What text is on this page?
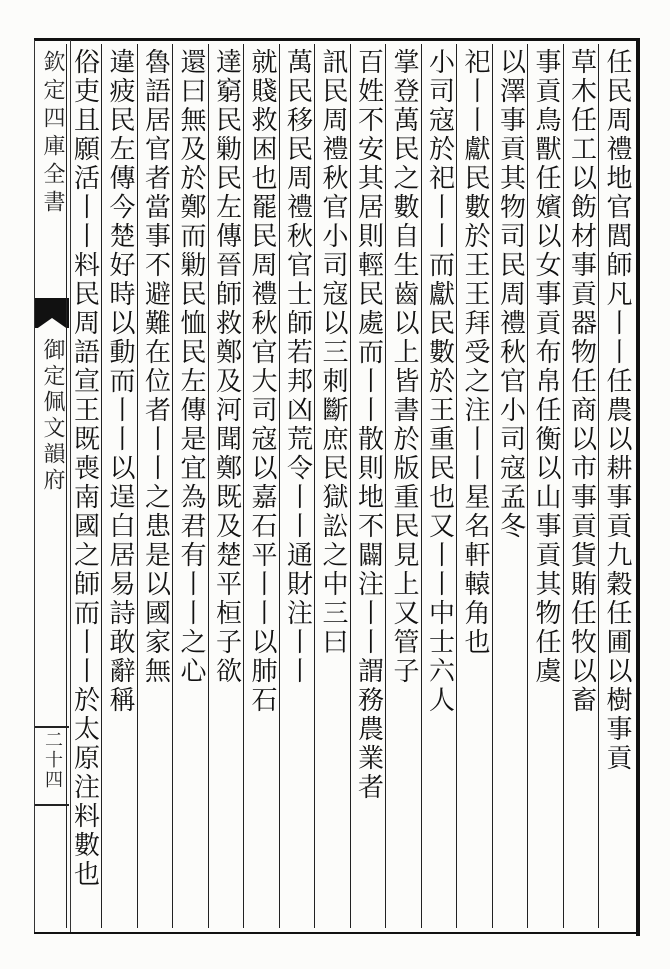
欽定四庫全書
御定佩文韻府
二十四	任民周禮地官閭師凡丨丨任農以耕事貢九穀任圃以樹事貢
草木任工以飭材事貢器物任商以市事貢貨賄任牧以畜
事貢鳥獸任嬪以女事貢布帛任衡以山事貢其物任虞
以澤事貢其物司民周禮秋官小司寇孟冬
祀丨丨獻民數於王王拜受之注丨丨星名軒轅角也
小司寇於祀丨丨而獻民數於王重民也又丨丨中士六人
掌登萬民之數自生齒以上皆書於版重民見上又管子
百姓不安其居則輕民處而丨丨散則地不闢注丨丨謂務農業者
訊民周禮秋官小司寇以三刺斷庶民獄訟之中三曰
萬民移民周禮秋官士師若邦凶荒令丨丨通財注丨丨
就賤救困也罷民周禮秋官大司寇以嘉石平丨丨以肺石
達窮民勦民左傳晉師救鄭及河聞鄭既及楚平桓子欲
還曰無及於鄭而勦民恤民左傳是宜為君有丨丨之心
魯語居官者當事不避難在位者丨丨之患是以國家無
違疲民左傳今楚好時以動而丨丨以逞白居易詩敢辭稱
俗吏且願活丨丨料民周語宣王既喪南國之師而丨丨於太原注料數也
